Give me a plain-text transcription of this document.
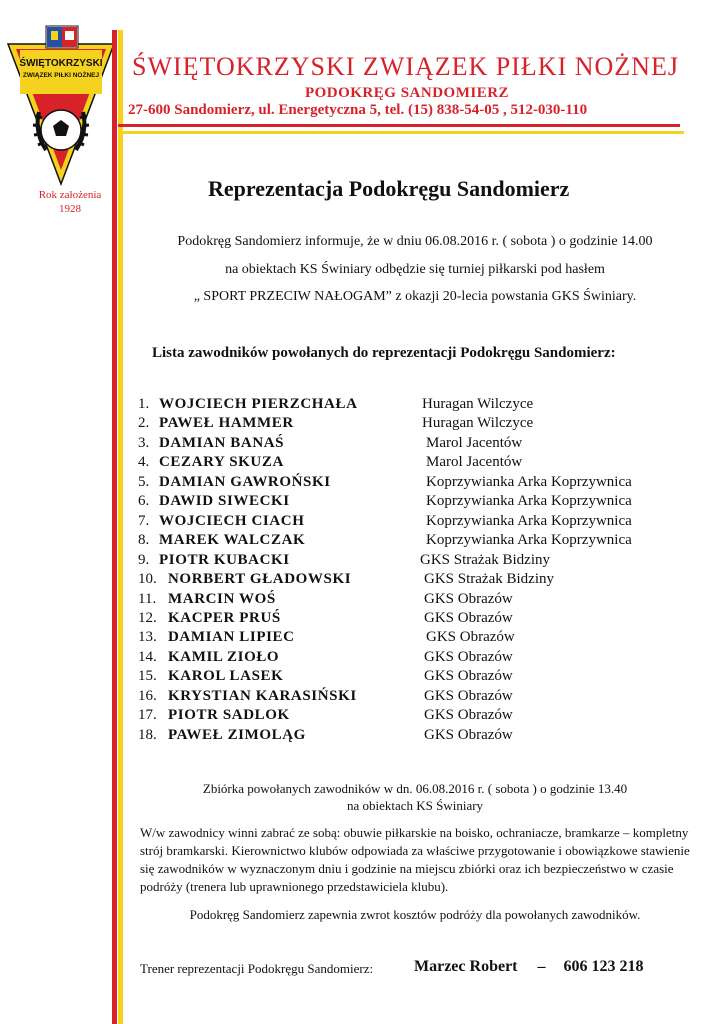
ŚWIĘTOKRZYSKI
ZWIĄZEK PIŁKI NOŻNEJ ŚWIĘTOKRZYSKI ZWIĄZEK PIŁKI NOŻNEJ
PODOKRĘG SANDOMIERZ
27-600 Sandomierz, ul. Energetyczna 5, tel. (15) 838-54-05 , 512-030-110
Rok założenia
1928
Reprezentacja Podokręgu Sandomierz
Podokręg Sandomierz informuje, że w dniu 06.08.2016 r. ( sobota ) o godzinie 14.00
na obiektach KS Świniary odbędzie się turniej piłkarski pod hasłem
„ SPORT PRZECIW NAŁOGAM” z okazji 20-lecia powstania GKS Świniary.
Lista zawodników powołanych do reprezentacji Podokręgu Sandomierz:
1. WOJCIECH PIERZCHAŁA	Huragan Wilczyce
2. PAWEŁ HAMMER	Huragan Wilczyce
3. DAMIAN BANAŚ	Marol Jacentów
4. CEZARY SKUZA	Marol Jacentów
5. DAMIAN GAWROŃSKI	Koprzywianka Arka Koprzywnica
6. DAWID SIWECKI	Koprzywianka Arka Koprzywnica
7. WOJCIECH CIACH	Koprzywianka Arka Koprzywnica
8. MAREK WALCZAK	Koprzywianka Arka Koprzywnica
9. PIOTR KUBACKI	GKS Strażak Bidziny
10. NORBERT GŁADOWSKI	GKS Strażak Bidziny
11. MARCIN WOŚ	GKS Obrazów
12. KACPER PRUŚ	GKS Obrazów
13. DAMIAN LIPIEC	GKS Obrazów
14. KAMIL ZIOŁO	GKS Obrazów
15. KAROL LASEK	GKS Obrazów
16. KRYSTIAN KARASIŃSKI	GKS Obrazów
17. PIOTR SADLOK	GKS Obrazów
18. PAWEŁ ZIMOLĄG	GKS Obrazów
Zbiórka powołanych zawodników w dn. 06.08.2016 r. ( sobota ) o godzinie 13.40
na obiektach KS Świniary
W/w zawodnicy winni zabrać ze sobą: obuwie piłkarskie na boisko, ochraniacze, bramkarze – kompletny strój bramkarski. Kierownictwo klubów odpowiada za właściwe przygotowanie i obowiązkowe stawienie się zawodników w wyznaczonym dniu i godzinie na miejscu zbiórki oraz ich bezpieczeństwo w czasie podróży (trenera lub uprawnionego przedstawiciela klubu).
Podokręg Sandomierz zapewnia zwrot kosztów podróży dla powołanych zawodników.
Trener reprezentacji Podokręgu Sandomierz:	Marzec Robert – 606 123 218
